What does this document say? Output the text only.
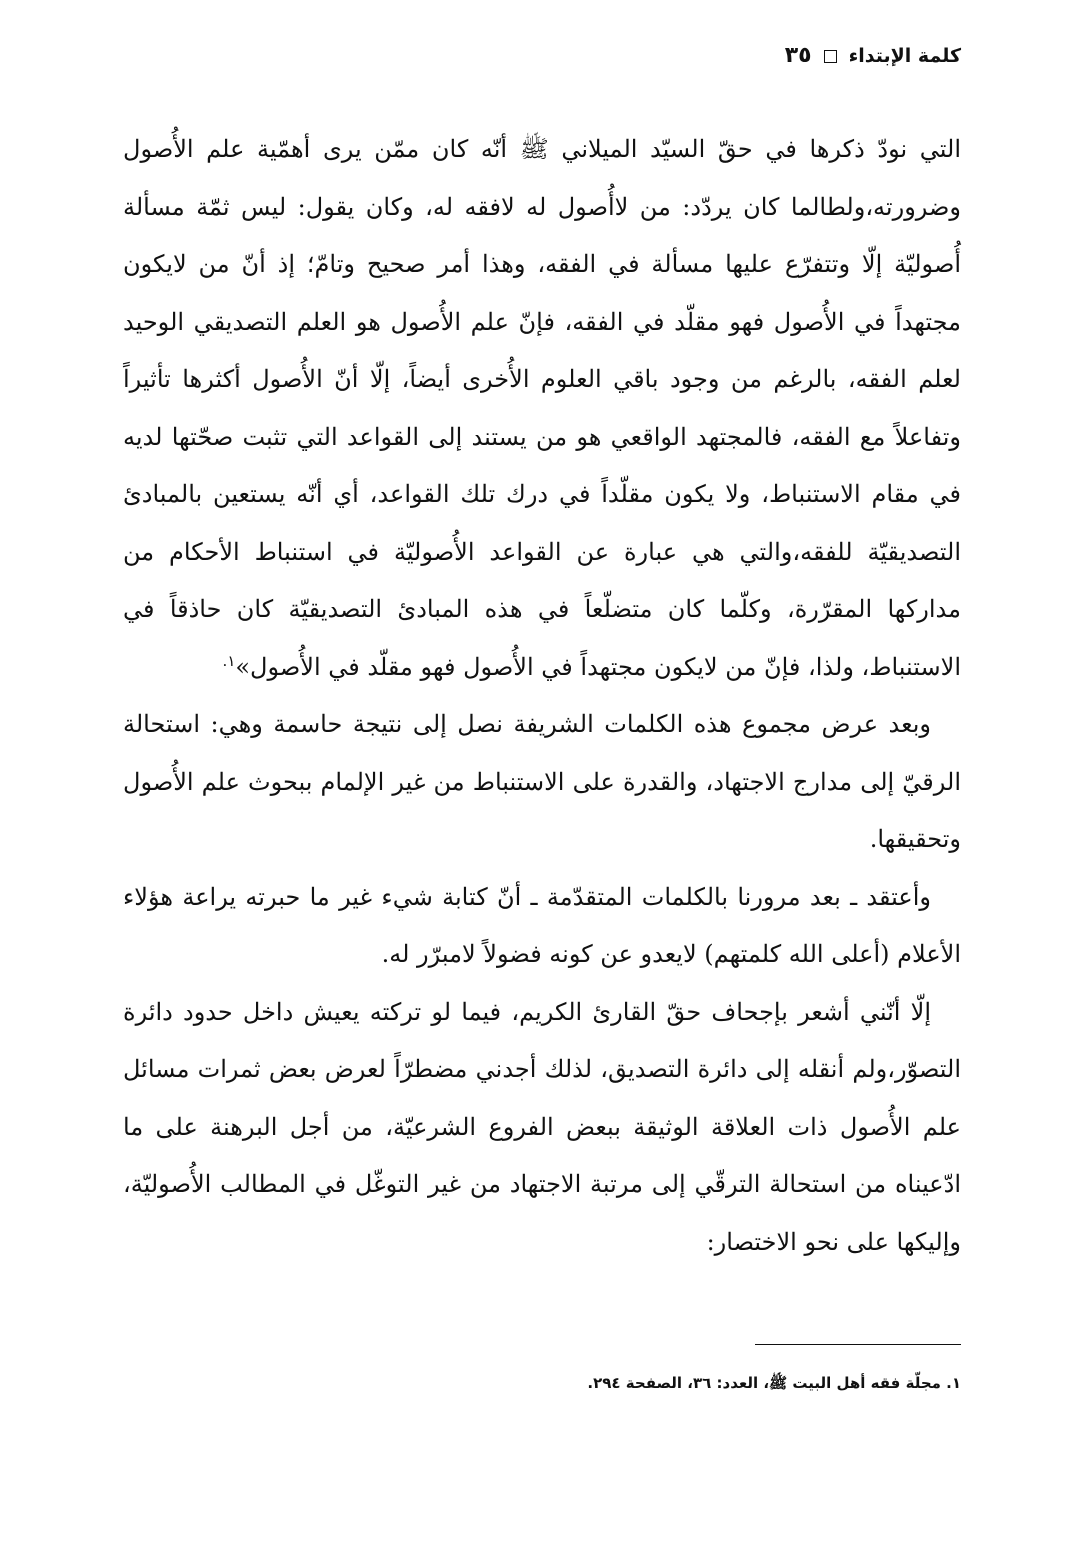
كلمة الإبتداء
٣٥

التي نودّ ذكرها في حقّ السيّد الميلاني ﷺ أنّه كان ممّن يرى أهمّية علم الأُصول وضرورته،ولطالما كان يردّد: من لاأُصول له لافقه له، وكان يقول: ليس ثمّة مسألة أُصوليّة إلّا وتتفرّع عليها مسألة في الفقه، وهذا أمر صحيح وتامّ؛ إذ أنّ من لايكون مجتهداً في الأُصول فهو مقلّد في الفقه، فإنّ علم الأُصول هو العلم التصديقي الوحيد لعلم الفقه، بالرغم من وجود باقي العلوم الأُخرى أيضاً، إلّا أنّ الأُصول أكثرها تأثيراً وتفاعلاً مع الفقه، فالمجتهد الواقعي هو من يستند إلى القواعد التي تثبت صحّتها لديه في مقام الاستنباط، ولا يكون مقلّداً في درك تلك القواعد، أي أنّه يستعين بالمبادئ التصديقيّة للفقه،والتي هي عبارة عن القواعد الأُصوليّة في استنباط الأحكام من مداركها المقرّرة، وكلّما كان متضلّعاً في هذه المبادئ التصديقيّة كان حاذقاً في الاستنباط، ولذا، فإنّ من لايكون مجتهداً في الأُصول فهو مقلّد في الأُصول»$^{١.}$

وبعد عرض مجموع هذه الكلمات الشريفة نصل إلى نتيجة حاسمة وهي: استحالة الرقيّ إلى مدارج الاجتهاد، والقدرة على الاستنباط من غير الإلمام ببحوث علم الأُصول وتحقيقها.

وأعتقد ـ بعد مرورنا بالكلمات المتقدّمة ـ أنّ كتابة شيء غير ما حبرته يراعة هؤلاء الأعلام (أعلى الله كلمتهم) لايعدو عن كونه فضولاً لامبرّر له.

إلّا أنّني أشعر بإجحاف حقّ القارئ الكريم، فيما لو تركته يعيش داخل حدود دائرة التصوّر،ولم أنقله إلى دائرة التصديق، لذلك أجدني مضطرّاً لعرض بعض ثمرات مسائل علم الأُصول ذات العلاقة الوثيقة ببعض الفروع الشرعيّة، من أجل البرهنة على ما ادّعيناه من استحالة الترقّي إلى مرتبة الاجتهاد من غير التوغّل في المطالب الأُصوليّة، وإليكها على نحو الاختصار:

١. مجلّة فقه أهل البيت ﷺ، العدد: ٣٦، الصفحة ٢٩٤.
